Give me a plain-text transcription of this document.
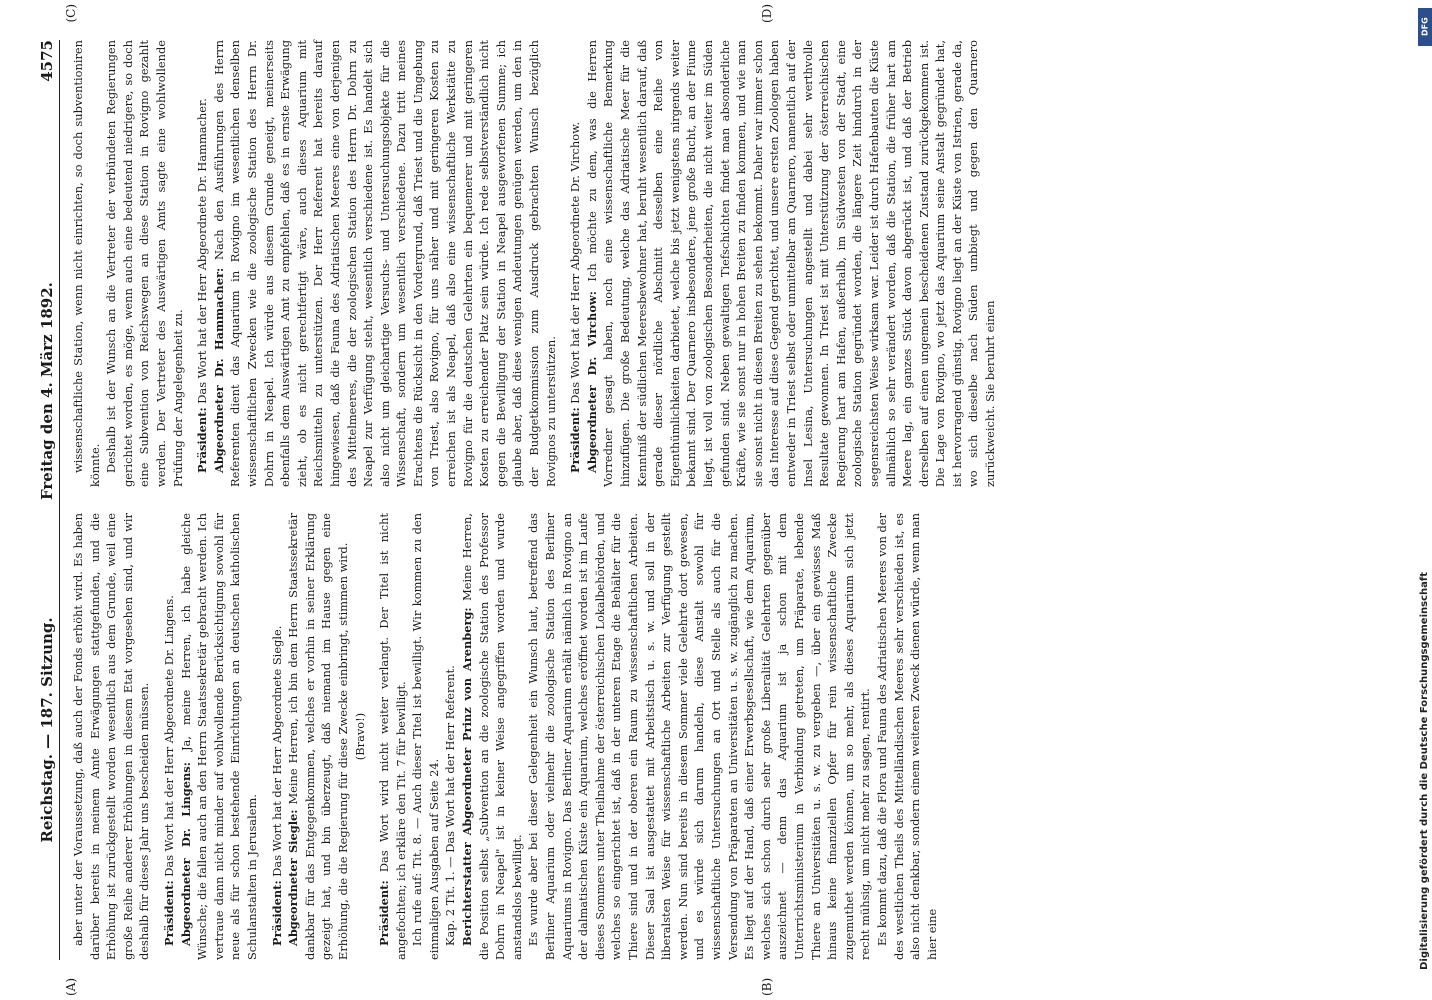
Reichstag. — 187. Sitzung.
Freitag den 4. März 1892.
4575
(A)	(B)
(C)	(D)

aber unter der Voraussetzung, daß auch der Fonds erhöht wird. Es haben darüber bereits in meinem Amte Erwägungen stattgefunden, und die Erhöhung ist zurückgestellt worden wesentlich aus dem Grunde, weil eine große Reihe anderer Erhöhungen in diesem Etat vorgesehen sind, und wir deshalb für dieses Jahr uns bescheiden müssen. Präsident: Das Wort hat der Herr Abgeordnete Dr. Lingens. Abgeordneter Dr. Lingens: Ja, meine Herren, ich habe gleiche Wünsche; die fallen auch an den Herrn Staatssekretär gebracht werden. Ich vertraue dann nicht minder auf wohlwollende Berücksichtigung sowohl für neue als für schon bestehende Einrichtungen an deutschen katholischen Schulanstalten in Jerusalem. Präsident: Das Wort hat der Herr Abgeordnete Siegle. Abgeordneter Siegle: Meine Herren, ich bin dem Herrn Staatssekretär dankbar für das Entgegenkommen, welches er vorhin in seiner Erklärung gezeigt hat, und bin überzeugt, daß niemand im Hause gegen eine Erhöhung, die die Regierung für diese Zwecke einbringt, stimmen wird. (Bravo!)

Präsident: Das Wort wird nicht weiter verlangt. Der Titel ist nicht angefochten; ich erkläre den Tit. 7 für bewilligt. Ich rufe auf: Tit. 8. — Auch dieser Titel ist bewilligt. Wir kommen zu den einmaligen Ausgaben auf Seite 24. Kap. 2 Tit. 1. — Das Wort hat der Herr Referent. Berichterstatter Abgeordneter Prinz von Arenberg: Meine Herren, die Position selbst „Subvention an die zoologische Station des Professor Dohrn in Neapel" ist in keiner Weise angegriffen worden und wurde anstandslos bewilligt. Es wurde aber bei dieser Gelegenheit ein Wunsch laut, betreffend das Berliner Aquarium oder vielmehr die zoologische Station des Berliner Aquariums in Rovigno. Das Berliner Aquarium erhält nämlich in Rovigno an der dalmatischen Küste ein Aquarium, welches eröffnet worden ist im Laufe dieses Sommers unter Theilnahme der österreichischen Lokalbehörden, und welches so eingerichtet ist, daß in der unteren Etage die Behälter für die Thiere sind und in der oberen ein Raum zu wissenschaftlichen Arbeiten. Dieser Saal ist ausgestattet mit Arbeitstisch u. s. w. und soll in der liberalsten Weise für wissenschaftliche Arbeiten zur Verfügung gestellt werden. Nun sind bereits in diesem Sommer viele Gelehrte dort gewesen, und es würde sich darum handeln, diese Anstalt sowohl für wissenschaftliche Untersuchungen an Ort und Stelle als auch für die Versendung von Präparaten an Universitäten u. s. w. zugänglich zu machen. Es liegt auf der Hand, daß einer Erwerbsgesellschaft, wie dem Aquarium, welches sich schon durch sehr große Liberalität Gelehrten gegenüber auszeichnet — denn das Aquarium ist ja schon mit dem Unterrichtsministerium in Verbindung getreten, um Präparate, lebende Thiere an Universitäten u. s. w. zu vergeben —, über ein gewisses Maß hinaus keine finanziellen Opfer für rein wissenschaftliche Zwecke zugemuthet werden können, um so mehr, als dieses Aquarium sich jetzt recht mühsig, um nicht mehr zu sagen, rentirt. Es kommt dazu, daß die Flora und Fauna des Adriatischen Meeres von der des westlichen Theils des Mittelländischen Meeres sehr verschieden ist, es also nicht denkbar, sondern einem weiteren Zweck dienen würde, wenn man hier eine

wissenschaftliche Station, wenn nicht einrichten, so doch subventioniren könnte. Deshalb ist der Wunsch an die Vertreter der verbündeten Regierungen gerichtet worden, es möge, wenn auch eine bedeutend niedrigere, so doch eine Subvention von Reichswegen an diese Station in Rovigno gezahlt werden. Der Vertreter des Auswärtigen Amts sagte eine wohlwollende Prüfung der Angelegenheit zu. Präsident: Das Wort hat der Herr Abgeordnete Dr. Hammacher. Abgeordneter Dr. Hammacher: Nach den Ausführungen des Herrn Referenten dient das Aquarium in Rovigno im wesentlichen denselben wissenschaftlichen Zwecken wie die zoologische Station des Herrn Dr. Dohrn in Neapel. Ich würde aus diesem Grunde geneigt, meinerseits ebenfalls dem Auswärtigen Amt zu empfehlen, daß es in ernste Erwägung zieht, ob es nicht gerechtfertigt wäre, auch dieses Aquarium mit Reichsmitteln zu unterstützen. Der Herr Referent hat bereits darauf hingewiesen, daß die Fauna des Adriatischen Meeres eine von derjenigen des Mittelmeeres, die der zoologischen Station des Herrn Dr. Dohrn zu Neapel zur Verfügung steht, wesentlich verschiedene ist. Es handelt sich also nicht um gleichartige Versuchs- und Untersuchungsobjekte für die Wissenschaft, sondern um wesentlich verschiedene. Dazu tritt meines Erachtens die Rücksicht in den Vordergrund, daß Triest und die Umgebung von Triest, also Rovigno, für uns näher und mit geringeren Kosten zu erreichen ist als Neapel, daß also eine wissenschaftliche Werkstätte zu Rovigno für die deutschen Gelehrten ein bequemerer und mit geringeren Kosten zu erreichender Platz sein würde. Ich rede selbstverständlich nicht gegen die Bewilligung der Station in Neapel ausgeworfenen Summe; ich glaube aber, daß diese wenigen Andeutungen genügen werden, um den in der Budgetkommission zum Ausdruck gebrachten Wunsch bezüglich Rovignos zu unterstützen. Präsident: Das Wort hat der Herr Abgeordnete Dr. Virchow. Abgeordneter Dr. Virchow: Ich möchte zu dem, was die Herren Vorredner gesagt haben, noch eine wissenschaftliche Bemerkung hinzufügen. Die große Bedeutung, welche das Adriatische Meer für die Kenntniß der südlichen Meeresbewohner hat, beruht wesentlich darauf, daß gerade dieser nördliche Abschnitt desselben eine Reihe von Eigenthümlichkeiten darbietet, welche bis jetzt wenigstens nirgends weiter bekannt sind. Der Quarnero insbesondere, jene große Bucht, an der Fiume liegt, ist voll von zoologischen Besonderheiten, die nicht weiter im Süden gefunden sind. Neben gewaltigen Tiefschichten findet man absonderliche Kräfte, wie sie sonst nur in hohen Breiten zu finden kommen, und wie man sie sonst nicht in diesen Breiten zu sehen bekommt. Daher war immer schon das Interesse auf diese Gegend gerichtet, und unsere ersten Zoologen haben entweder in Triest selbst oder unmittelbar am Quarnero, namentlich auf der Insel Lesina, Untersuchungen angestellt und dabei sehr werthvolle Resultate gewonnen. In Triest ist mit Unterstützung der österreichischen Regierung hart am Hafen, außerhalb, im Südwesten von der Stadt, eine zoologische Station gegründet worden, die längere Zeit hindurch in der segensreichsten Weise wirksam war. Leider ist durch Hafenbauten die Küste allmählich so sehr verändert worden, daß die Station, die früher hart am Meere lag, ein ganzes Stück davon abgerückt ist, und daß der Betrieb derselben auf einen ungemein bescheidenen Zustand zurückgekommen ist. Die Lage von Rovigno, wo jetzt das Aquarium seine Anstalt gegründet hat, ist hervorragend günstig. Rovigno liegt an der Küste von Istrien, gerade da, wo sich dieselbe nach Süden umbiegt und gegen den Quarnero zurückweicht. Sie beruhrt einen

DFG
Digitalisierung gefördert durch die Deutsche Forschungsgemeinschaft
